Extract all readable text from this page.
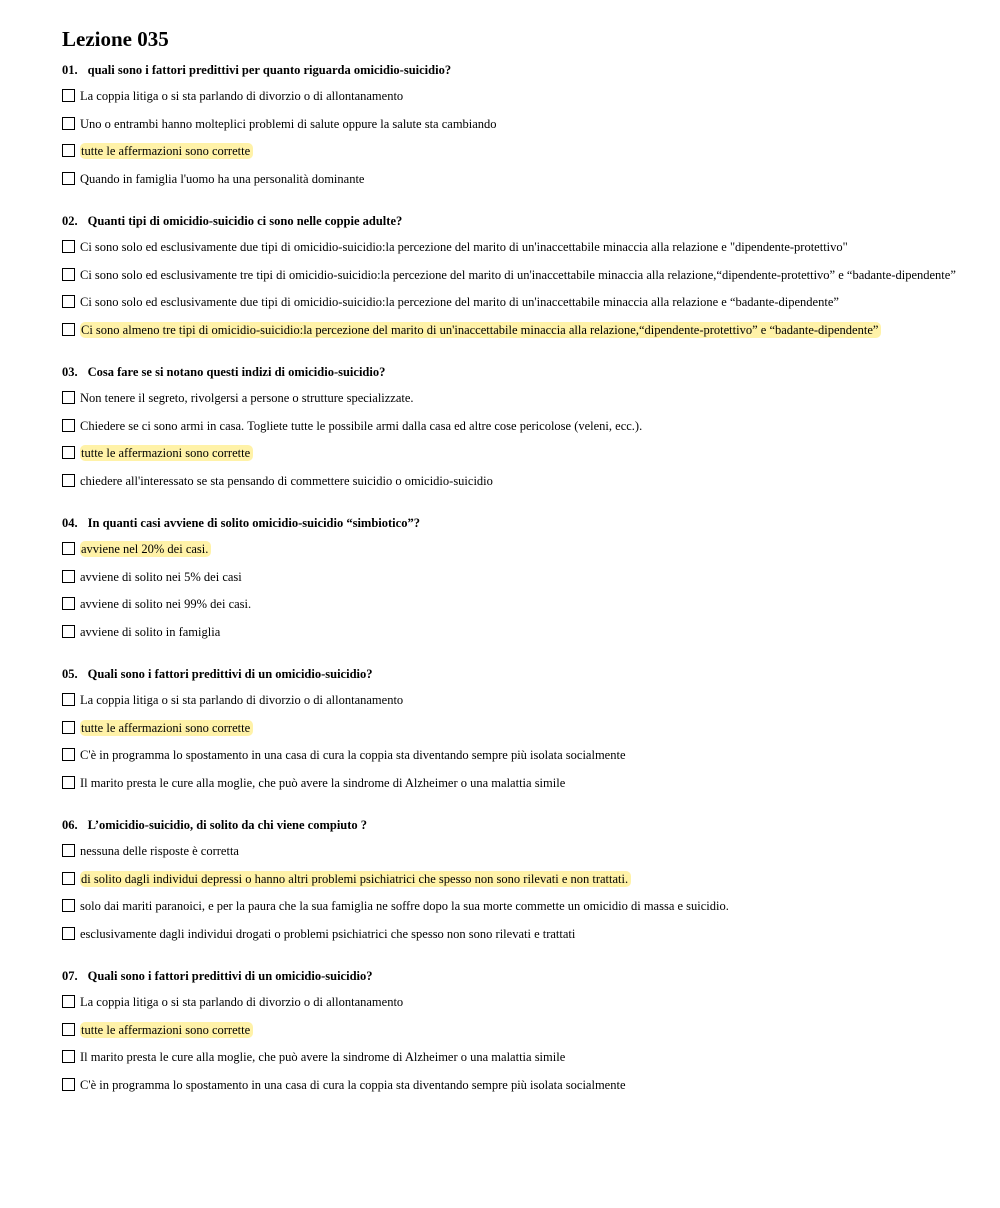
Lezione 035

01. quali sono i fattori predittivi per quanto riguarda omicidio-suicidio?

La coppia litiga o si sta parlando di divorzio o di allontanamento
Uno o entrambi hanno molteplici problemi di salute oppure la salute sta cambiando
tutte le affermazioni sono corrette
Quando in famiglia l'uomo ha una personalità dominante

02. Quanti tipi di omicidio-suicidio ci sono nelle coppie adulte?

Ci sono solo ed esclusivamente due tipi di omicidio-suicidio:la percezione del marito di un'inaccettabile minaccia alla relazione e "dipendente-protettivo"
Ci sono solo ed esclusivamente tre tipi di omicidio-suicidio:la percezione del marito di un'inaccettabile minaccia alla relazione,“dipendente-protettivo” e “badante-dipendente”
Ci sono solo ed esclusivamente due tipi di omicidio-suicidio:la percezione del marito di un'inaccettabile minaccia alla relazione e “badante-dipendente”
Ci sono almeno tre tipi di omicidio-suicidio:la percezione del marito di un'inaccettabile minaccia alla relazione,“dipendente-protettivo” e “badante-dipendente”

03. Cosa fare se si notano questi indizi di omicidio-suicidio?

Non tenere il segreto, rivolgersi a persone o strutture specializzate.
Chiedere se ci sono armi in casa. Togliete tutte le possibile armi dalla casa ed altre cose pericolose (veleni, ecc.).
tutte le affermazioni sono corrette
chiedere all'interessato se sta pensando di commettere suicidio o omicidio-suicidio

04. In quanti casi avviene di solito omicidio-suicidio “simbiotico”?

avviene nel 20% dei casi.
avviene di solito nei 5% dei casi
avviene di solito nei 99% dei casi.
avviene di solito in famiglia

05. Quali sono i fattori predittivi di un omicidio-suicidio?

La coppia litiga o si sta parlando di divorzio o di allontanamento
tutte le affermazioni sono corrette
C'è in programma lo spostamento in una casa di cura la coppia sta diventando sempre più isolata socialmente
Il marito presta le cure alla moglie, che può avere la sindrome di Alzheimer o una malattia simile

06. L’omicidio-suicidio, di solito da chi viene compiuto ?

nessuna delle risposte è corretta
di solito dagli individui depressi o hanno altri problemi psichiatrici che spesso non sono rilevati e non trattati.
solo dai mariti paranoici, e per la paura che la sua famiglia ne soffre dopo la sua morte commette un omicidio di massa e suicidio.
esclusivamente dagli individui drogati o problemi psichiatrici che spesso non sono rilevati e trattati

07. Quali sono i fattori predittivi di un omicidio-suicidio?

La coppia litiga o si sta parlando di divorzio o di allontanamento
tutte le affermazioni sono corrette
Il marito presta le cure alla moglie, che può avere la sindrome di Alzheimer o una malattia simile
C'è in programma lo spostamento in una casa di cura la coppia sta diventando sempre più isolata socialmente
